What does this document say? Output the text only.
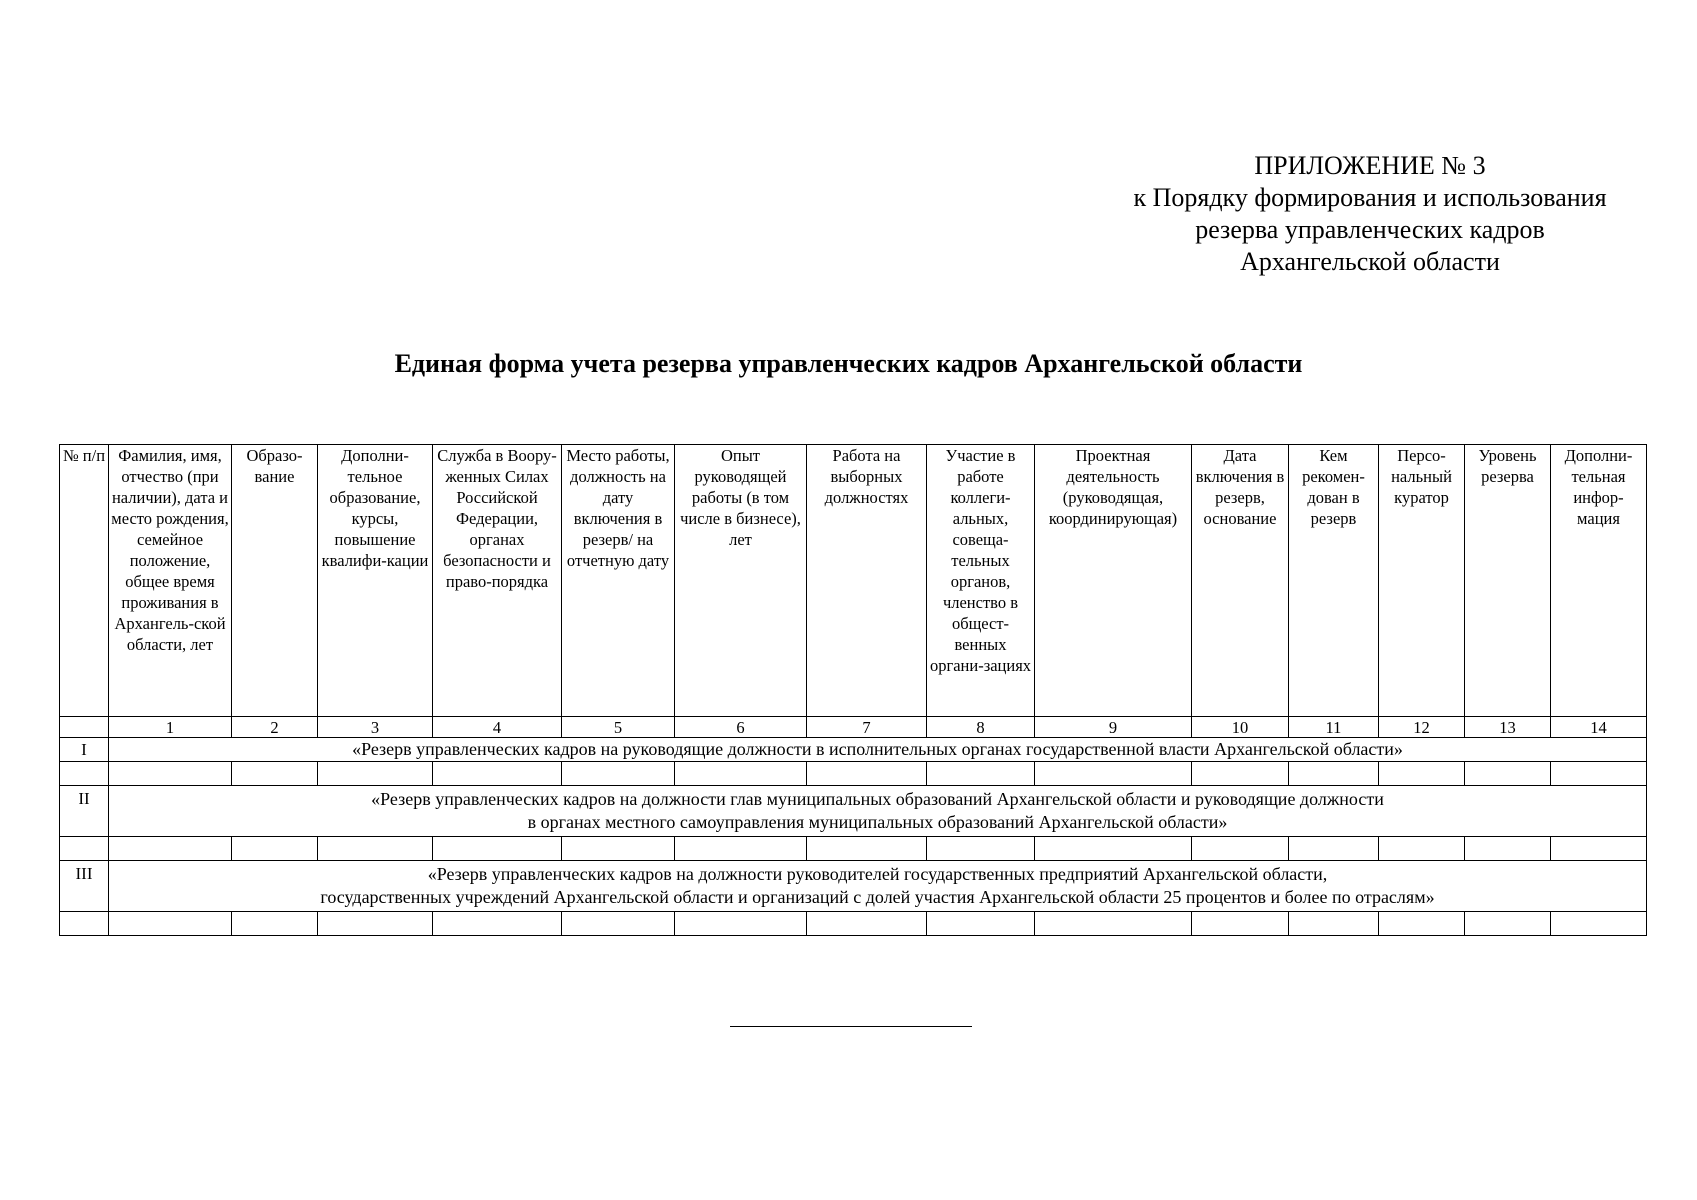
ПРИЛОЖЕНИЕ № 3
к Порядку формирования и использования
резерва управленческих кадров
Архангельской области
Единая форма учета резерва управленческих кадров Архангельской области
№ п/п	Фамилия, имя, отчество (при наличии), дата и место рождения, семейное положение, общее время проживания в Архангель-ской области, лет	Образо-вание	Дополни-тельное образование, курсы, повышение квалифи-кации	Служба в Воору-женных Силах Российской Федерации, органах безопасности и право-порядка	Место работы, должность на дату включения в резерв/ на отчетную дату	Опыт руководящей работы (в том числе в бизнесе), лет	Работа на выборных должностях	Участие в работе коллеги-альных, совеща-тельных органов, членство в общест-венных органи-зациях	Проектная деятельность (руководящая, координирующая)	Дата включения в резерв, основание	Кем рекомен-дован в резерв	Персо-нальный куратор	Уровень резерва	Дополни-тельная инфор-мация
	1	2	3	4	5	6	7	8	9	10	11	12	13	14
I	«Резерв управленческих кадров на руководящие должности в исполнительных органах государственной власти Архангельской области»													

II	«Резерв управленческих кадров на должности глав муниципальных образований Архангельской области и руководящие должности
в органах местного самоуправления муниципальных образований Архангельской области»													

III	«Резерв управленческих кадров на должности руководителей государственных предприятий Архангельской области,
государственных учреждений Архангельской области и организаций с долей участия Архангельской области 25 процентов и более по отраслям»													
